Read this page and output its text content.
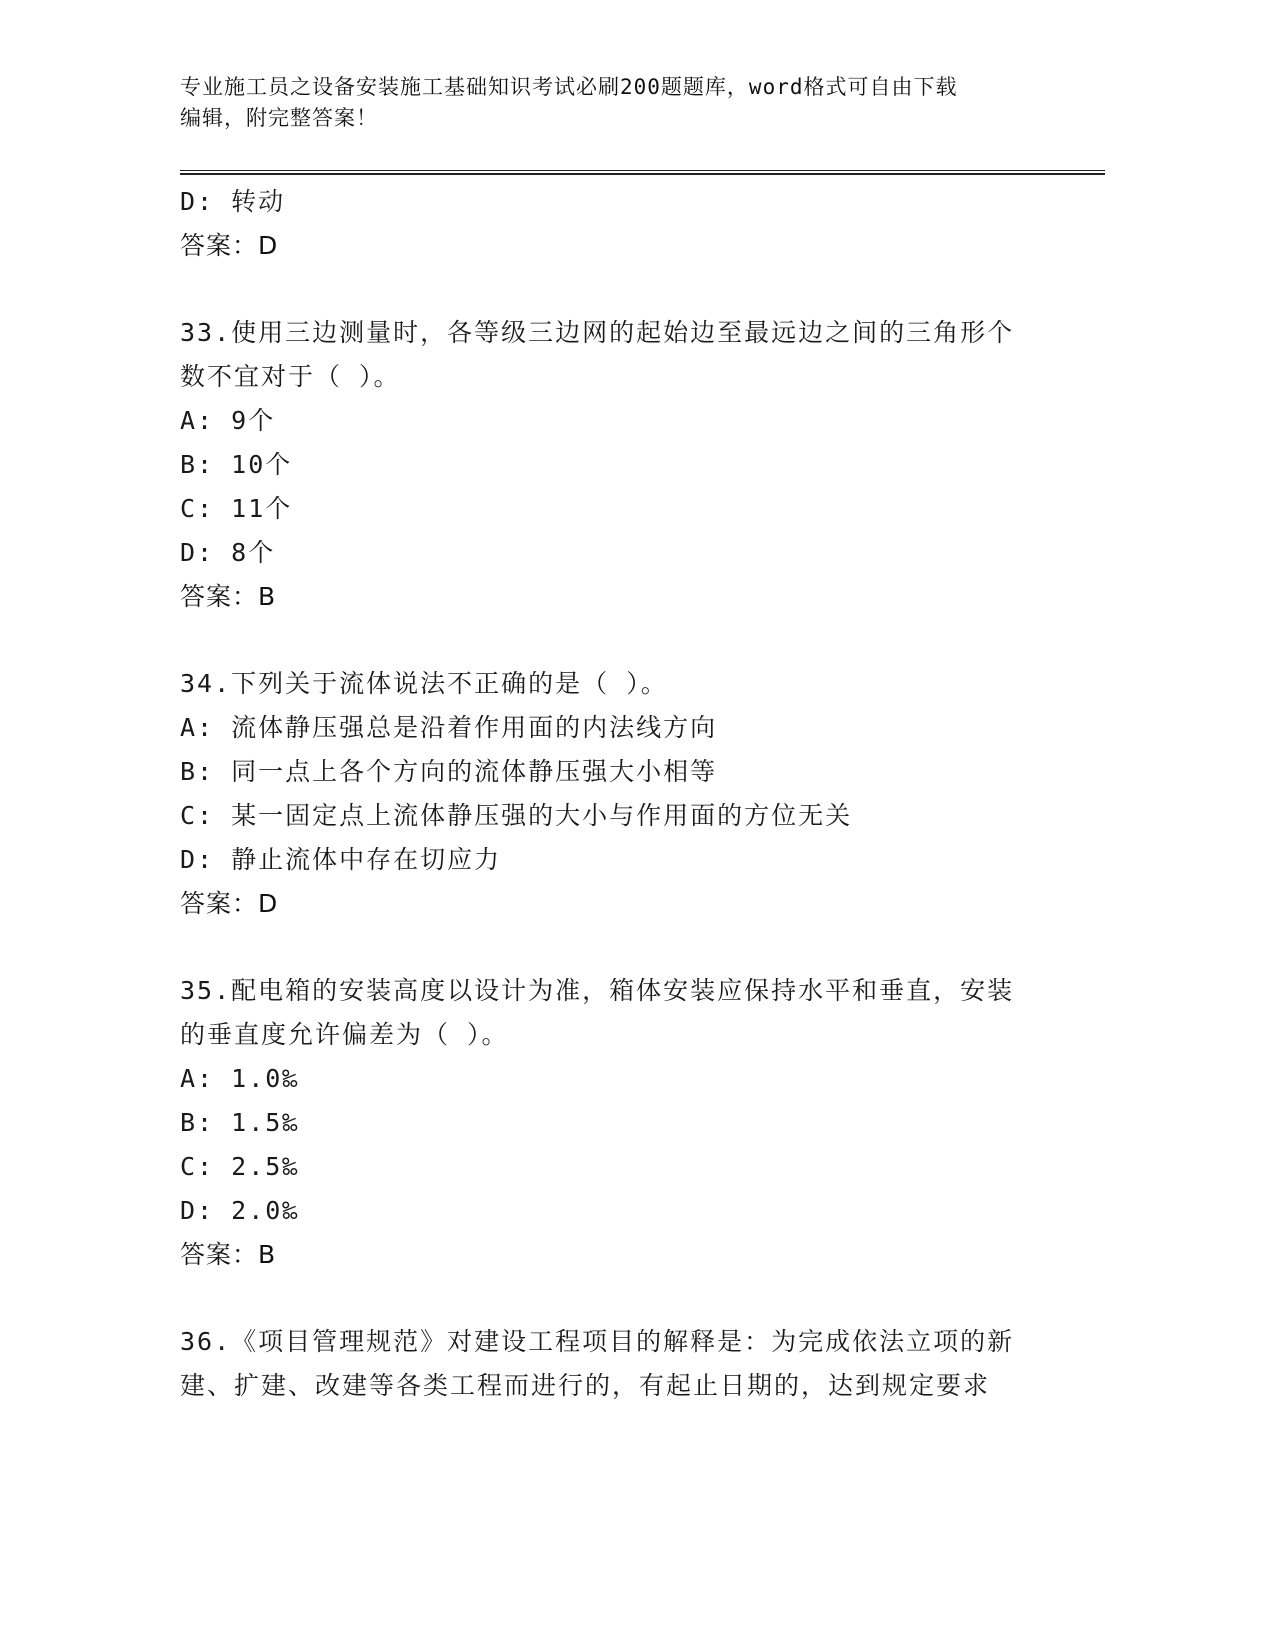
专业施工员之设备安装施工基础知识考试必刷200题题库，word格式可自由下载
编辑，附完整答案！
D: 转动
答案：D
33.使用三边测量时，各等级三边网的起始边至最远边之间的三角形个
数不宜对于（ ）。
A: 9个
B: 10个
C: 11个
D: 8个
答案：B
34.下列关于流体说法不正确的是（ ）。
A: 流体静压强总是沿着作用面的内法线方向
B: 同一点上各个方向的流体静压强大小相等
C: 某一固定点上流体静压强的大小与作用面的方位无关
D: 静止流体中存在切应力
答案：D
35.配电箱的安装高度以设计为准，箱体安装应保持水平和垂直，安装
的垂直度允许偏差为（ ）。
A: 1.0‰
B: 1.5‰
C: 2.5‰
D: 2.0‰
答案：B
36.《项目管理规范》对建设工程项目的解释是：为完成依法立项的新
建、扩建、改建等各类工程而进行的，有起止日期的，达到规定要求
